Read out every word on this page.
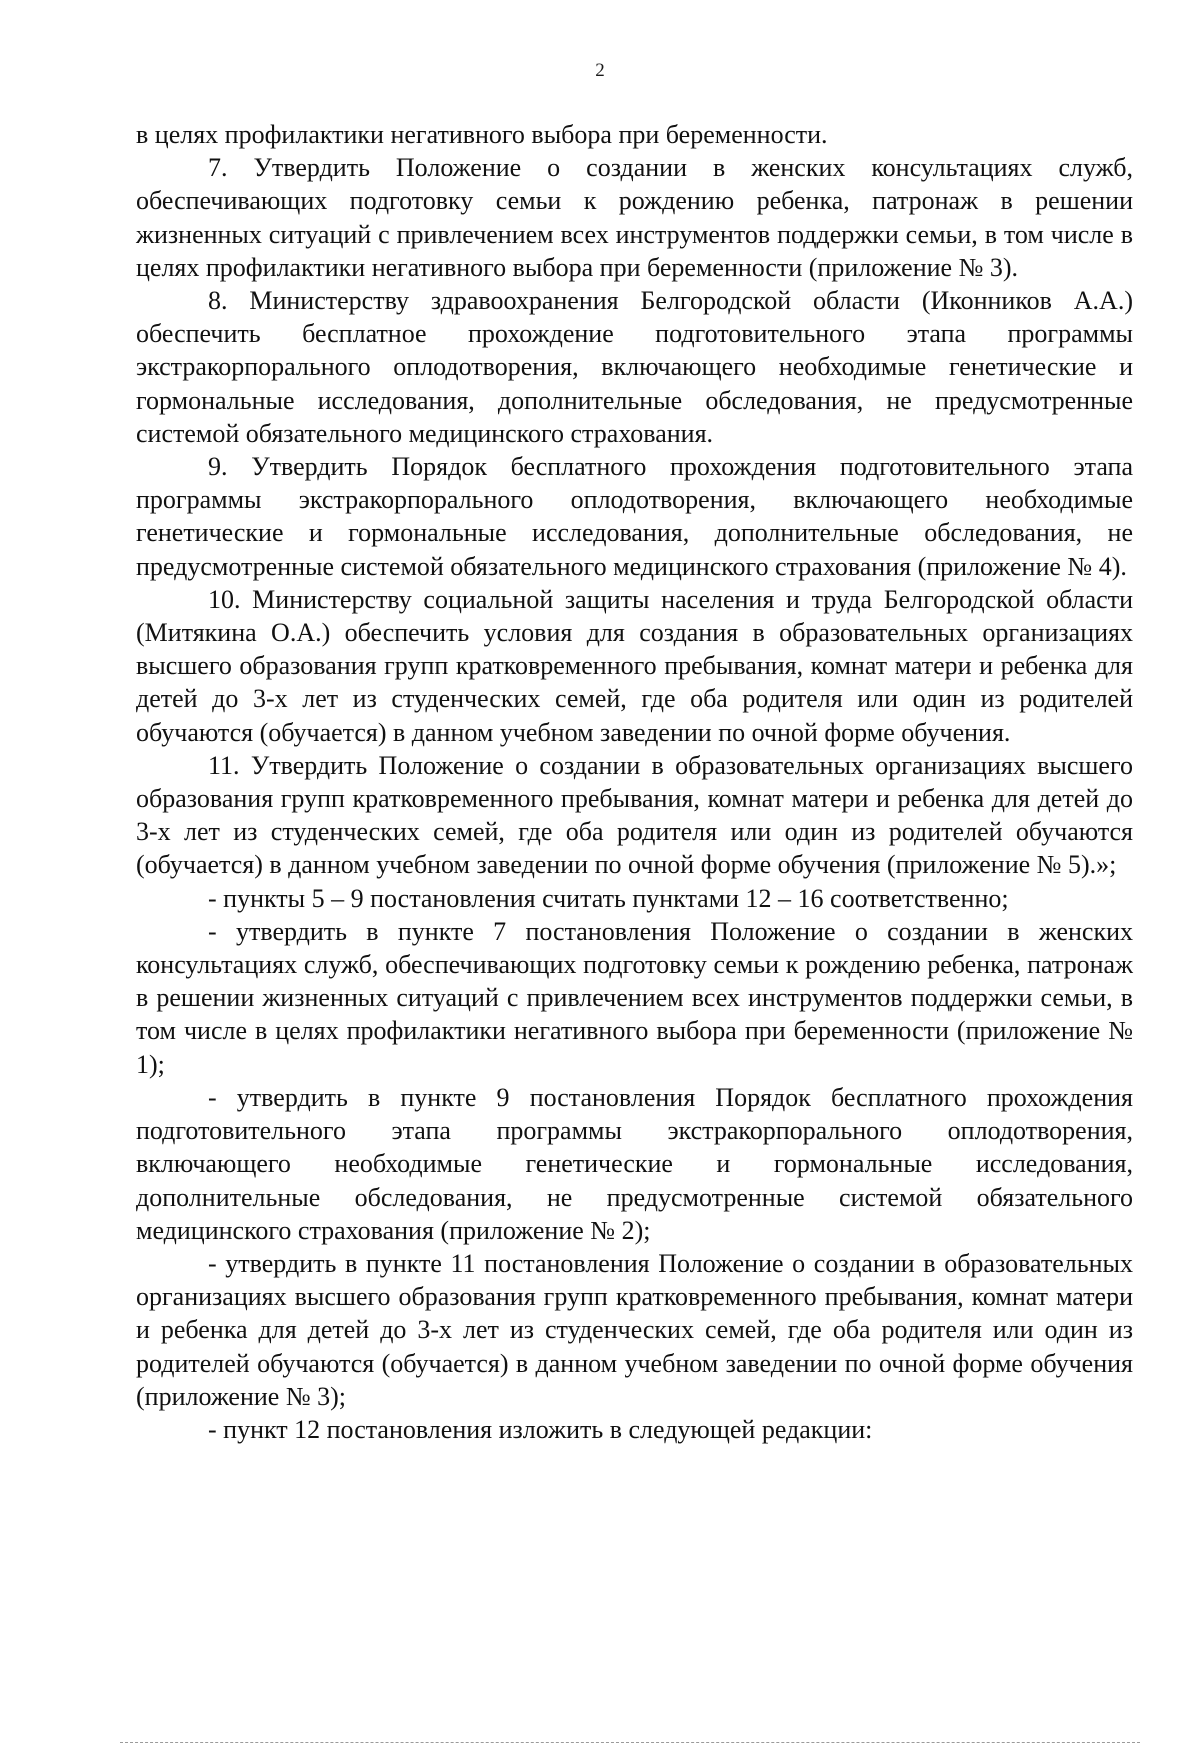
2

в целях профилактики негативного выбора при беременности.

7. Утвердить Положение о создании в женских консультациях служб, обеспечивающих подготовку семьи к рождению ребенка, патронаж в решении жизненных ситуаций с привлечением всех инструментов поддержки семьи, в том числе в целях профилактики негативного выбора при беременности (приложение № 3).

8. Министерству здравоохранения Белгородской области (Иконников А.А.) обеспечить бесплатное прохождение подготовительного этапа программы экстракорпорального оплодотворения, включающего необходимые генетические и гормональные исследования, дополнительные обследования, не предусмотренные системой обязательного медицинского страхования.

9. Утвердить Порядок бесплатного прохождения подготовительного этапа программы экстракорпорального оплодотворения, включающего необходимые генетические и гормональные исследования, дополнительные обследования, не предусмотренные системой обязательного медицинского страхования (приложение № 4).

10. Министерству социальной защиты населения и труда Белгородской области (Митякина О.А.) обеспечить условия для создания в образовательных организациях высшего образования групп кратковременного пребывания, комнат матери и ребенка для детей до 3-х лет из студенческих семей, где оба родителя или один из родителей обучаются (обучается) в данном учебном заведении по очной форме обучения.

11. Утвердить Положение о создании в образовательных организациях высшего образования групп кратковременного пребывания, комнат матери и ребенка для детей до 3-х лет из студенческих семей, где оба родителя или один из родителей обучаются (обучается) в данном учебном заведении по очной форме обучения (приложение № 5).»;

- пункты 5 – 9 постановления считать пунктами 12 – 16 соответственно;

- утвердить в пункте 7 постановления Положение о создании в женских консультациях служб, обеспечивающих подготовку семьи к рождению ребенка, патронаж в решении жизненных ситуаций с привлечением всех инструментов поддержки семьи, в том числе в целях профилактики негативного выбора при беременности (приложение № 1);

- утвердить в пункте 9 постановления Порядок бесплатного прохождения подготовительного этапа программы экстракорпорального оплодотворения, включающего необходимые генетические и гормональные исследования, дополнительные обследования, не предусмотренные системой обязательного медицинского страхования (приложение № 2);

- утвердить в пункте 11 постановления Положение о создании в образовательных организациях высшего образования групп кратковременного пребывания, комнат матери и ребенка для детей до 3-х лет из студенческих семей, где оба родителя или один из родителей обучаются (обучается) в данном учебном заведении по очной форме обучения (приложение № 3);

- пункт 12 постановления изложить в следующей редакции:
